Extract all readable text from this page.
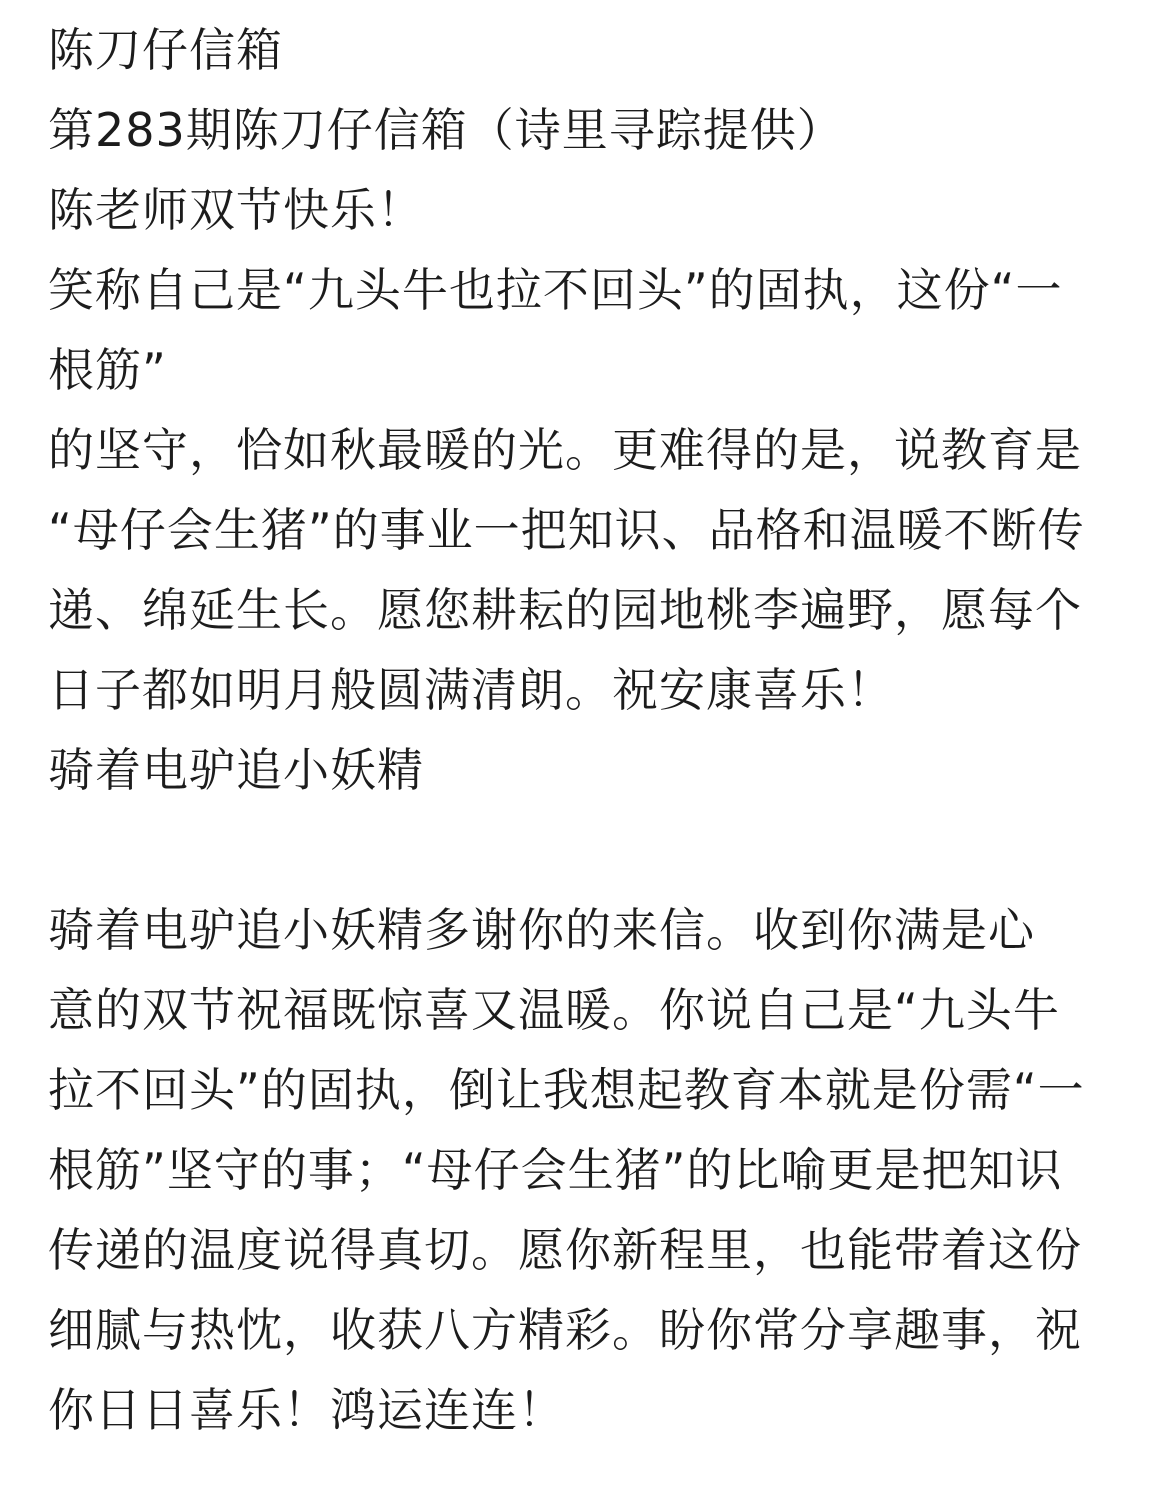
陈刀仔信箱
第283期陈刀仔信箱（诗里寻踪提供）
陈老师双节快乐！
笑称自己是“九头牛也拉不回头”的固执，这份“一
根筋”
的坚守，恰如秋最暖的光。更难得的是，说教育是
“母仔会生猪”的事业一把知识、品格和温暖不断传
递、绵延生长。愿您耕耘的园地桃李遍野，愿每个
日子都如明月般圆满清朗。祝安康喜乐！
骑着电驴追小妖精
骑着电驴追小妖精多谢你的来信。收到你满是心
意的双节祝福既惊喜又温暖。你说自己是“九头牛
拉不回头”的固执，倒让我想起教育本就是份需“一
根筋”坚守的事；“母仔会生猪”的比喻更是把知识
传递的温度说得真切。愿你新程里，也能带着这份
细腻与热忱，收获八方精彩。盼你常分享趣事，祝
你日日喜乐！鸿运连连！
